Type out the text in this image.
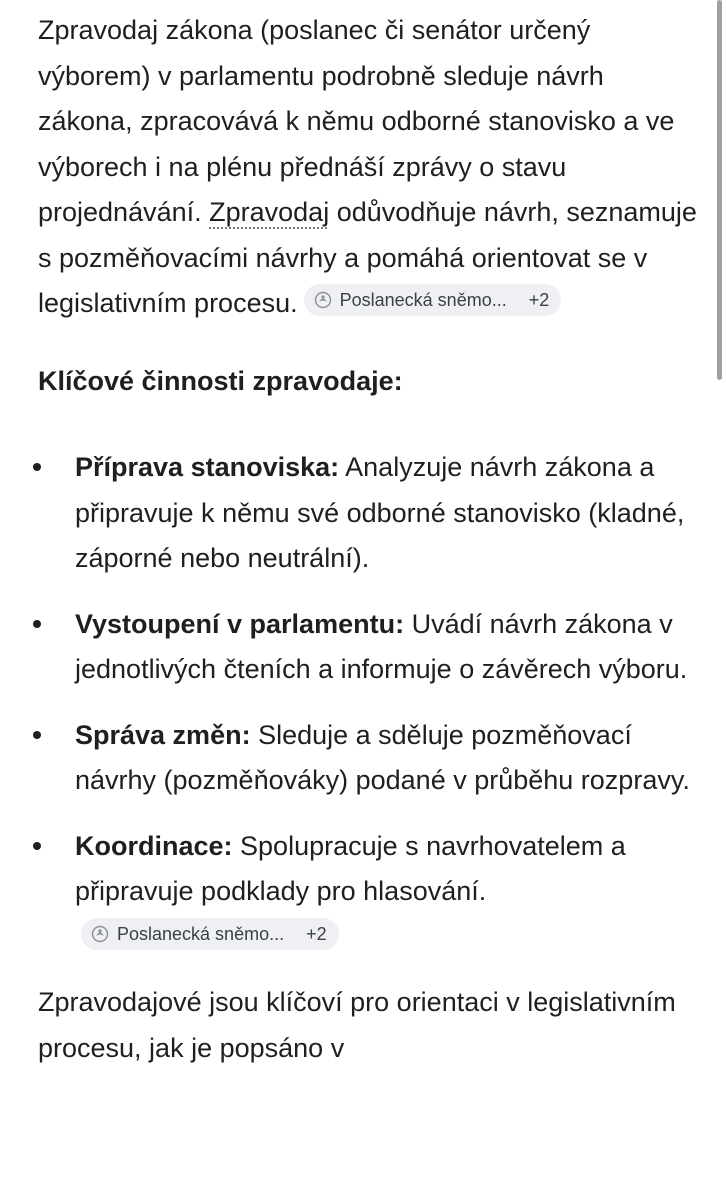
Zpravodaj zákona (poslanec či senátor určený výborem) v parlamentu podrobně sleduje návrh zákona, zpracovává k němu odborné stanovisko a ve výborech i na plénu přednáší zprávy o stavu projednávání. Zpravodaj odůvodňuje návrh, seznamuje s pozměňovacími návrhy a pomáhá orientovat se v legislativním procesu. Poslanecká sněmo... +2

Klíčové činnosti zpravodaje:

Příprava stanoviska: Analyzuje návrh zákona a připravuje k němu své odborné stanovisko (kladné, záporné nebo neutrální).
Vystoupení v parlamentu: Uvádí návrh zákona v jednotlivých čteních a informuje o závěrech výboru.
Správa změn: Sleduje a sděluje pozměňovací návrhy (pozměňováky) podané v průběhu rozpravy.
Koordinace: Spolupracuje s navrhovatelem a připravuje podklady pro hlasování.
Poslanecká sněmo... +2

Zpravodajové jsou klíčoví pro orientaci v legislativním procesu, jak je popsáno v
